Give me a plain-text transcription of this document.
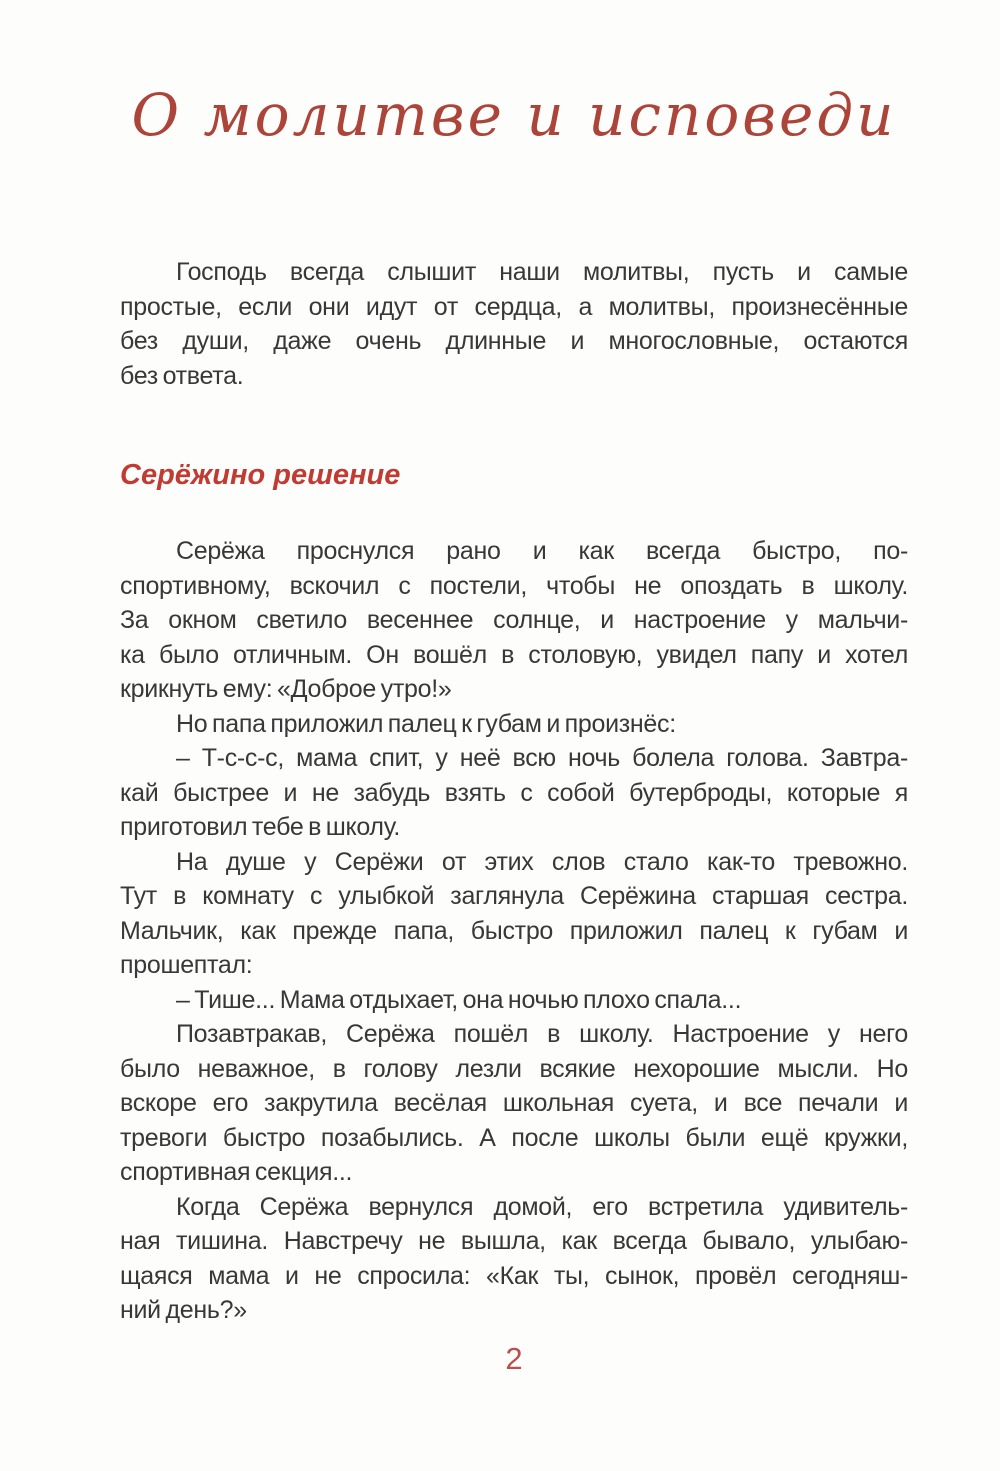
О молитве и исповеди
Господь всегда слышит наши молитвы, пусть и самые
простые, если они идут от сердца, а молитвы, произнесённые
без души, даже очень длинные и многословные, остаются
без ответа.
Серёжино решение
Серёжа проснулся рано и как всегда быстро, по-
спортивному, вскочил с постели, чтобы не опоздать в школу.
За окном светило весеннее солнце, и настроение у мальчи-
ка было отличным. Он вошёл в столовую, увидел папу и хотел
крикнуть ему: «Доброе утро!»
Но папа приложил палец к губам и произнёс:
– Т-с-с-с, мама спит, у неё всю ночь болела голова. Завтра-
кай быстрее и не забудь взять с собой бутерброды, которые я
приготовил тебе в школу.
На душе у Серёжи от этих слов стало как-то тревожно.
Тут в комнату с улыбкой заглянула Серёжина старшая сестра.
Мальчик, как прежде папа, быстро приложил палец к губам и
прошептал:
– Тише... Мама отдыхает, она ночью плохо спала...
Позавтракав, Серёжа пошёл в школу. Настроение у него
было неважное, в голову лезли всякие нехорошие мысли. Но
вскоре его закрутила весёлая школьная суета, и все печали и
тревоги быстро позабылись. А после школы были ещё кружки,
спортивная секция...
Когда Серёжа вернулся домой, его встретила удивитель-
ная тишина. Навстречу не вышла, как всегда бывало, улыбаю-
щаяся мама и не спросила: «Как ты, сынок, провёл сегодняш-
ний день?»
2
